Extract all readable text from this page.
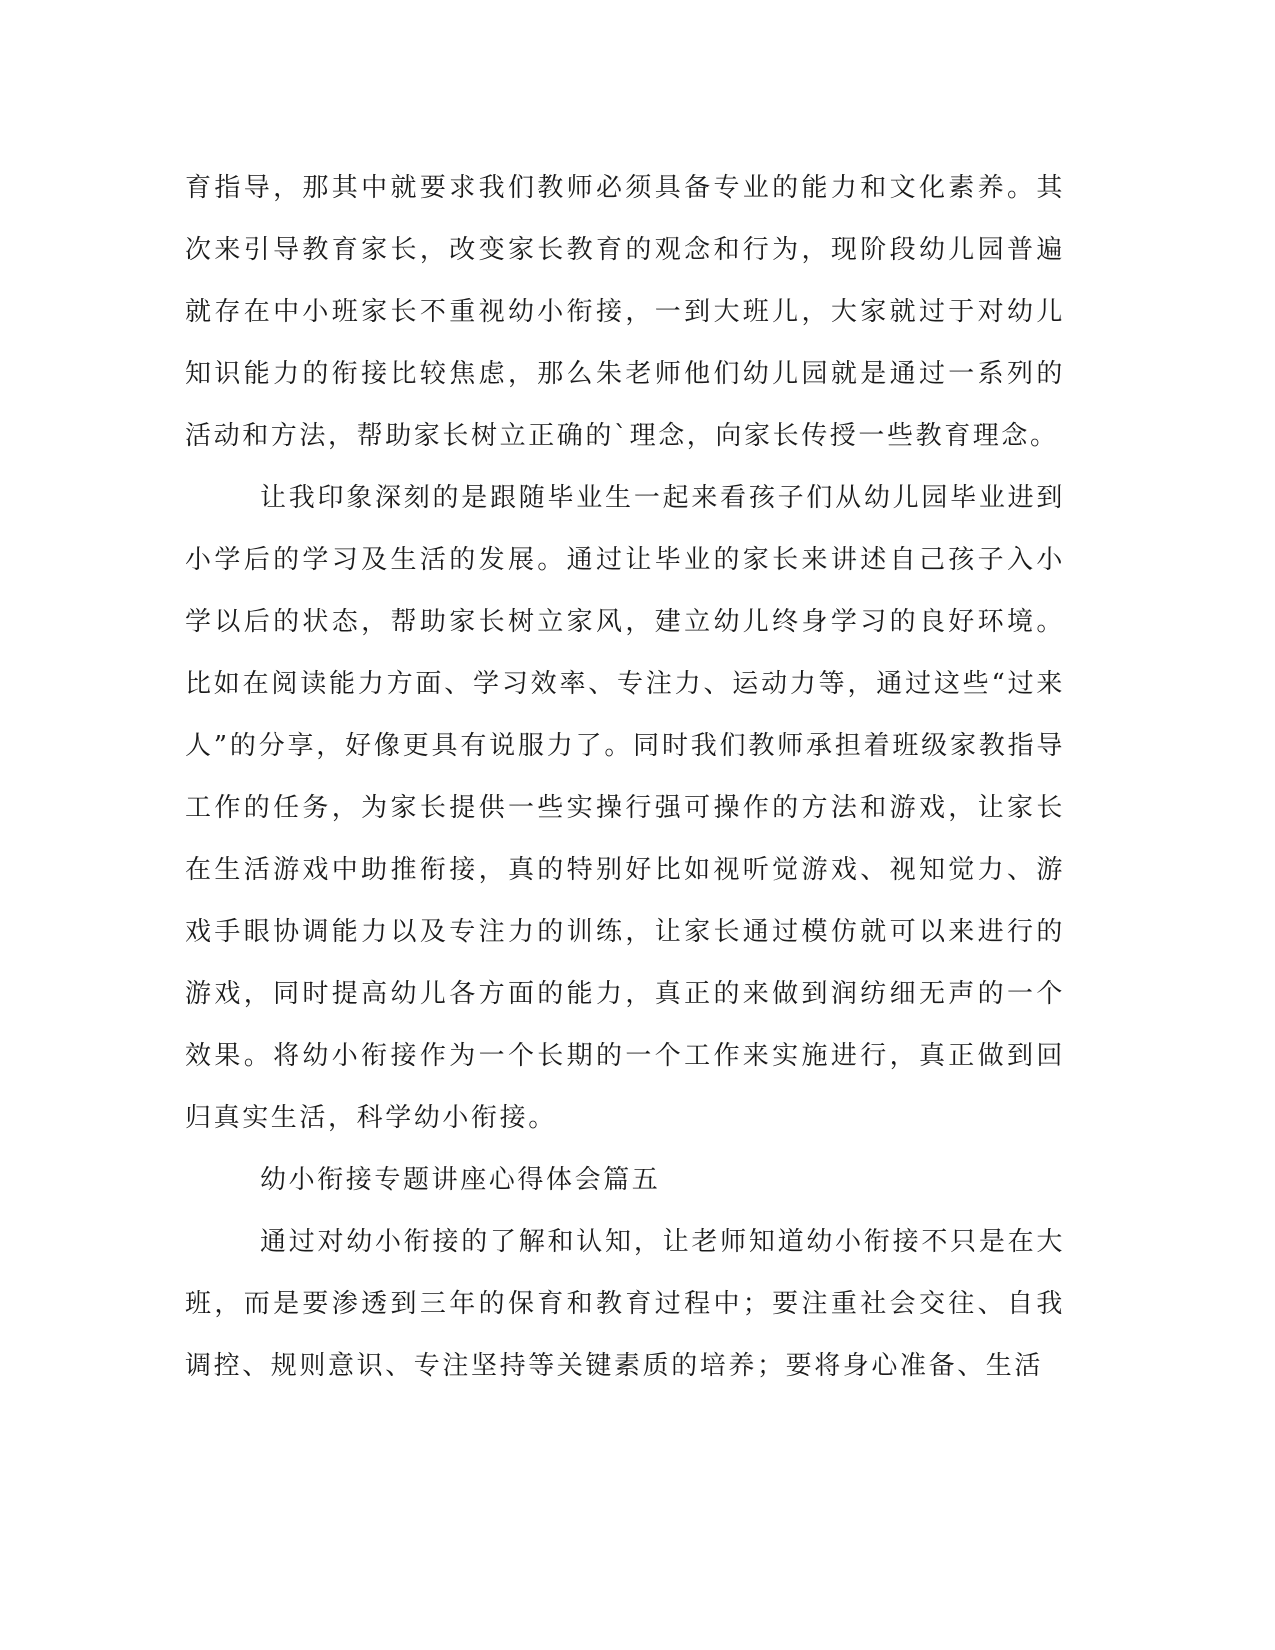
育指导，那其中就要求我们教师必须具备专业的能力和文化素养。其次来引导教育家长，改变家长教育的观念和行为，现阶段幼儿园普遍就存在中小班家长不重视幼小衔接，一到大班儿，大家就过于对幼儿知识能力的衔接比较焦虑，那么朱老师他们幼儿园就是通过一系列的活动和方法，帮助家长树立正确的`理念，向家长传授一些教育理念。

让我印象深刻的是跟随毕业生一起来看孩子们从幼儿园毕业进到小学后的学习及生活的发展。通过让毕业的家长来讲述自己孩子入小学以后的状态，帮助家长树立家风，建立幼儿终身学习的良好环境。比如在阅读能力方面、学习效率、专注力、运动力等，通过这些“过来人”的分享，好像更具有说服力了。同时我们教师承担着班级家教指导工作的任务，为家长提供一些实操行强可操作的方法和游戏，让家长在生活游戏中助推衔接，真的特别好比如视听觉游戏、视知觉力、游戏手眼协调能力以及专注力的训练，让家长通过模仿就可以来进行的游戏，同时提高幼儿各方面的能力，真正的来做到润纺细无声的一个效果。将幼小衔接作为一个长期的一个工作来实施进行，真正做到回归真实生活，科学幼小衔接。

幼小衔接专题讲座心得体会篇五

通过对幼小衔接的了解和认知，让老师知道幼小衔接不只是在大班，而是要渗透到三年的保育和教育过程中；要注重社会交往、自我调控、规则意识、专注坚持等关键素质的培养；要将身心准备、生活
